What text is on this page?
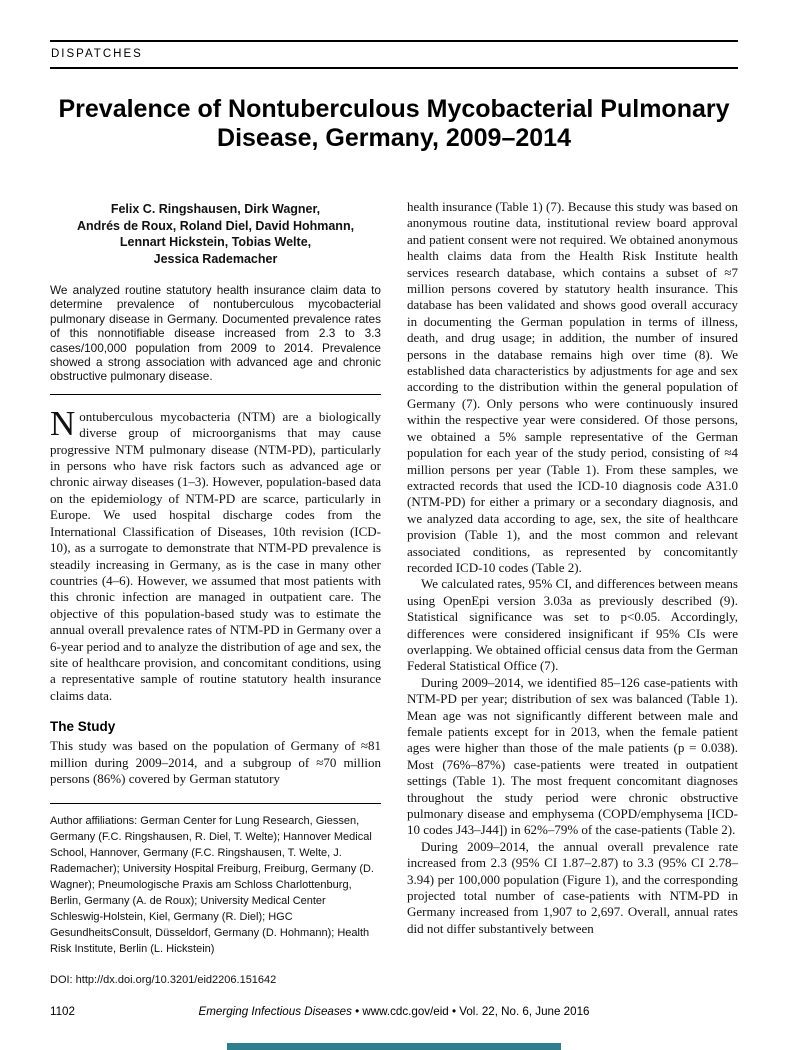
DISPATCHES
Prevalence of Nontuberculous Mycobacterial Pulmonary Disease, Germany, 2009–2014
Felix C. Ringshausen, Dirk Wagner,
Andrés de Roux, Roland Diel, David Hohmann,
Lennart Hickstein, Tobias Welte,
Jessica Rademacher

We analyzed routine statutory health insurance claim data to determine prevalence of nontuberculous mycobacterial pulmonary disease in Germany. Documented prevalence rates of this nonnotifiable disease increased from 2.3 to 3.3 cases/100,000 population from 2009 to 2014. Prevalence showed a strong association with advanced age and chronic obstructive pulmonary disease.

Nontuberculous mycobacteria (NTM) are a biologically diverse group of microorganisms that may cause progressive NTM pulmonary disease (NTM-PD), particularly in persons who have risk factors such as advanced age or chronic airway diseases (1–3). However, population-based data on the epidemiology of NTM-PD are scarce, particularly in Europe. We used hospital discharge codes from the International Classification of Diseases, 10th revision (ICD-10), as a surrogate to demonstrate that NTM-PD prevalence is steadily increasing in Germany, as is the case in many other countries (4–6). However, we assumed that most patients with this chronic infection are managed in outpatient care. The objective of this population-based study was to estimate the annual overall prevalence rates of NTM-PD in Germany over a 6-year period and to analyze the distribution of age and sex, the site of healthcare provision, and concomitant conditions, using a representative sample of routine statutory health insurance claims data.

The Study

This study was based on the population of Germany of ≈81 million during 2009–2014, and a subgroup of ≈70 million persons (86%) covered by German statutory

Author affiliations: German Center for Lung Research, Giessen, Germany (F.C. Ringshausen, R. Diel, T. Welte); Hannover Medical School, Hannover, Germany (F.C. Ringshausen, T. Welte, J. Rademacher); University Hospital Freiburg, Freiburg, Germany (D. Wagner); Pneumologische Praxis am Schloss Charlottenburg, Berlin, Germany (A. de Roux); University Medical Center Schleswig-Holstein, Kiel, Germany (R. Diel); HGC GesundheitsConsult, Düsseldorf, Germany (D. Hohmann); Health Risk Institute, Berlin (L. Hickstein)

DOI: http://dx.doi.org/10.3201/eid2206.151642

health insurance (Table 1) (7). Because this study was based on anonymous routine data, institutional review board approval and patient consent were not required. We obtained anonymous health claims data from the Health Risk Institute health services research database, which contains a subset of ≈7 million persons covered by statutory health insurance. This database has been validated and shows good overall accuracy in documenting the German population in terms of illness, death, and drug usage; in addition, the number of insured persons in the database remains high over time (8). We established data characteristics by adjustments for age and sex according to the distribution within the general population of Germany (7). Only persons who were continuously insured within the respective year were considered. Of those persons, we obtained a 5% sample representative of the German population for each year of the study period, consisting of ≈4 million persons per year (Table 1). From these samples, we extracted records that used the ICD-10 diagnosis code A31.0 (NTM-PD) for either a primary or a secondary diagnosis, and we analyzed data according to age, sex, the site of healthcare provision (Table 1), and the most common and relevant associated conditions, as represented by concomitantly recorded ICD-10 codes (Table 2).

We calculated rates, 95% CI, and differences between means using OpenEpi version 3.03a as previously described (9). Statistical significance was set to p<0.05. Accordingly, differences were considered insignificant if 95% CIs were overlapping. We obtained official census data from the German Federal Statistical Office (7).

During 2009–2014, we identified 85–126 case-patients with NTM-PD per year; distribution of sex was balanced (Table 1). Mean age was not significantly different between male and female patients except for in 2013, when the female patient ages were higher than those of the male patients (p = 0.038). Most (76%–87%) case-patients were treated in outpatient settings (Table 1). The most frequent concomitant diagnoses throughout the study period were chronic obstructive pulmonary disease and emphysema (COPD/emphysema [ICD-10 codes J43–J44]) in 62%–79% of the case-patients (Table 2).

During 2009–2014, the annual overall prevalence rate increased from 2.3 (95% CI 1.87–2.87) to 3.3 (95% CI 2.78–3.94) per 100,000 population (Figure 1), and the corresponding projected total number of case-patients with NTM-PD in Germany increased from 1,907 to 2,697. Overall, annual rates did not differ substantively between

1102	Emerging Infectious Diseases • www.cdc.gov/eid • Vol. 22, No. 6, June 2016
